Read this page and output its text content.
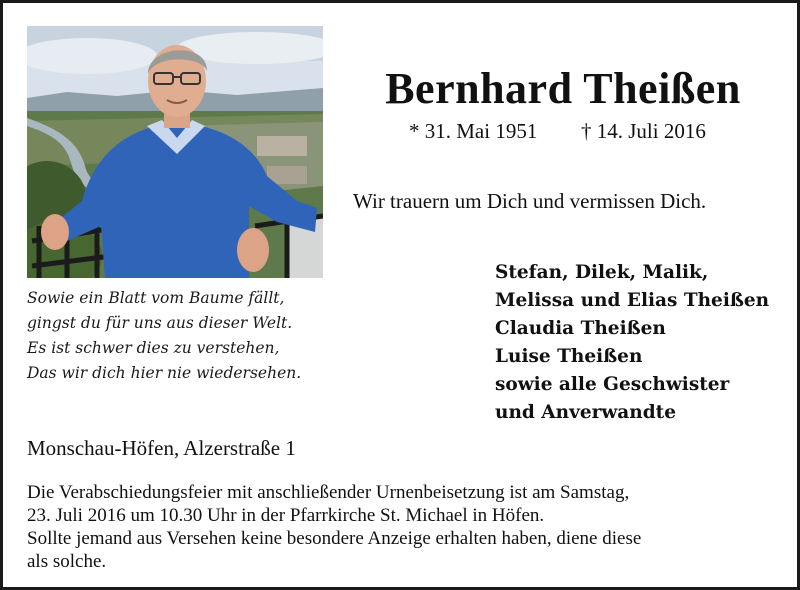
Sowie ein Blatt vom Baume fällt,
gingst du für uns aus dieser Welt.
Es ist schwer dies zu verstehen,
Das wir dich hier nie wiedersehen.
Bernhard Theißen
* 31. Mai 1951 † 14. Juli 2016
Wir trauern um Dich und vermissen Dich.
Stefan, Dilek, Malik,
Melissa und Elias Theißen
Claudia Theißen
Luise Theißen
sowie alle Geschwister
und Anverwandte
Monschau-Höfen, Alzerstraße 1
Die Verabschiedungsfeier mit anschließender Urnenbeisetzung ist am Samstag,
23. Juli 2016 um 10.30 Uhr in der Pfarrkirche St. Michael in Höfen.
Sollte jemand aus Versehen keine besondere Anzeige erhalten haben, diene diese
als solche.
